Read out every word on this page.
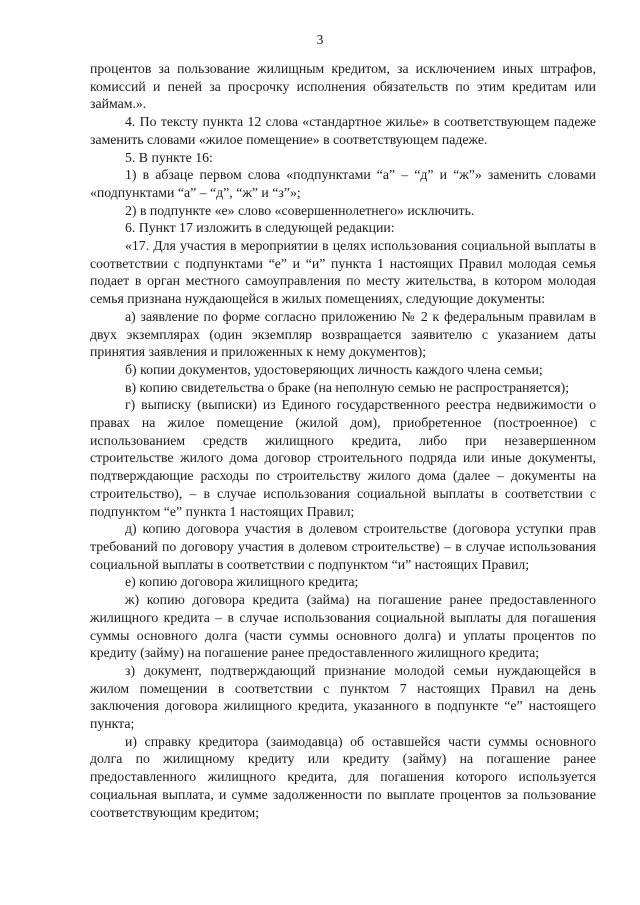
3

процентов за пользование жилищным кредитом, за исключением иных штрафов, комиссий и пеней за просрочку исполнения обязательств по этим кредитам или займам.».

4. По тексту пункта 12 слова «стандартное жилье» в соответствующем падеже заменить словами «жилое помещение» в соответствующем падеже.

5. В пункте 16:

1) в абзаце первом слова «подпунктами “а” – “д” и “ж”» заменить словами «подпунктами “а” – “д”, “ж” и “з”»;

2) в подпункте «е» слово «совершеннолетнего» исключить.

6. Пункт 17 изложить в следующей редакции:

«17. Для участия в мероприятии в целях использования социальной выплаты в соответствии с подпунктами “е” и “и” пункта 1 настоящих Правил молодая семья подает в орган местного самоуправления по месту жительства, в котором молодая семья признана нуждающейся в жилых помещениях, следующие документы:

а) заявление по форме согласно приложению № 2 к федеральным правилам в двух экземплярах (один экземпляр возвращается заявителю с указанием даты принятия заявления и приложенных к нему документов);

б) копии документов, удостоверяющих личность каждого члена семьи;

в) копию свидетельства о браке (на неполную семью не распространяется);

г) выписку (выписки) из Единого государственного реестра недвижимости о правах на жилое помещение (жилой дом), приобретенное (построенное) с использованием средств жилищного кредита, либо при незавершенном строительстве жилого дома договор строительного подряда или иные документы, подтверждающие расходы по строительству жилого дома (далее – документы на строительство), – в случае использования социальной выплаты в соответствии с подпунктом “е” пункта 1 настоящих Правил;

д) копию договора участия в долевом строительстве (договора уступки прав требований по договору участия в долевом строительстве) – в случае использования социальной выплаты в соответствии с подпунктом “и” настоящих Правил;

е) копию договора жилищного кредита;

ж) копию договора кредита (займа) на погашение ранее предоставленного жилищного кредита – в случае использования социальной выплаты для погашения суммы основного долга (части суммы основного долга) и уплаты процентов по кредиту (займу) на погашение ранее предоставленного жилищного кредита;

з) документ, подтверждающий признание молодой семьи нуждающейся в жилом помещении в соответствии с пунктом 7 настоящих Правил на день заключения договора жилищного кредита, указанного в подпункте “е” настоящего пункта;

и) справку кредитора (заимодавца) об оставшейся части суммы основного долга по жилищному кредиту или кредиту (займу) на погашение ранее предоставленного жилищного кредита, для погашения которого используется социальная выплата, и сумме задолженности по выплате процентов за пользование соответствующим кредитом;
